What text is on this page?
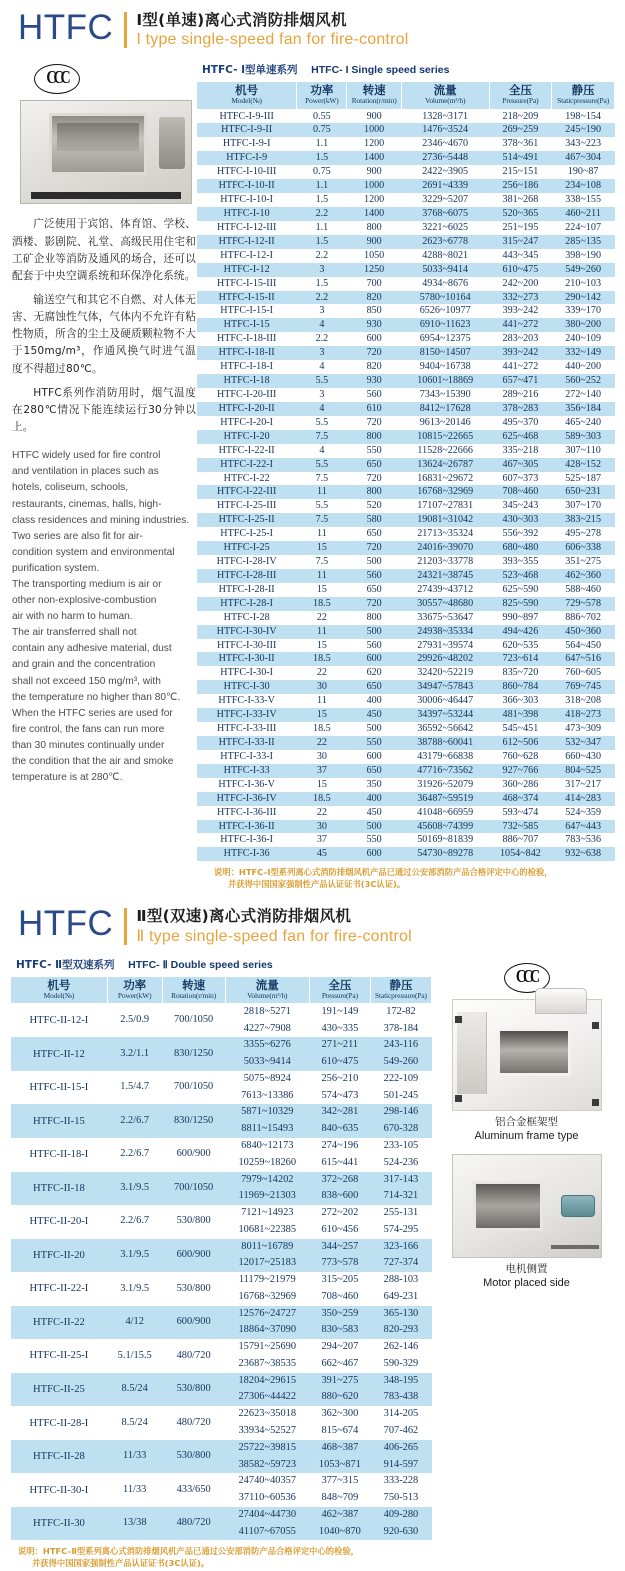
HTFC Ⅰ型(单速)离心式消防排烟风机
I type single-speed fan for fire-control
CCC
广泛使用于宾馆、体育馆、学校、酒楼、影剧院、礼堂、高级民用住宅和工矿企业等消防及通风的场合，还可以配套于中央空调系统和环保净化系统。
输送空气和其它不自燃、对人体无害、无腐蚀性气体，气体内不允许有粘性物质，所含的尘土及硬质颗粒物不大于150mg/m³，作通风换气时进气温度不得超过80℃。
HTFC系列作消防用时，烟气温度在280℃情况下能连续运行30分钟以上。

HTFC widely used for fire control

and ventilation in places such as

hotels, coliseum, schools,

restaurants, cinemas, halls, high-

class residences and mining industries.

Two series are also fit for air-

condition system and environmental

purification system.

The transporting medium is air or

other non-explosive-combustion

air with no harm to human.

The air transferred shall not

contain any adhesive material, dust

and grain and the concentration

shall not exceed 150 mg/m³, with

the temperature no higher than 80℃.

When the HTFC series are used for

fire control, the fans can run more

than 30 minutes continually under

the condition that the air and smoke

temperature is at 280℃.

HTFC- Ⅰ型单速系列 HTFC- I Single speed series
机号
Model(№)	功率
Power(kW)	转速
Rotation(r/min)	流量
Volume(m³/h)	全压
Pressure(Pa)	静压
Staticpressure(Pa)

HTFC-I-9-III	0.55	900	1328~3171	218~209	198~154
HTFC-I-9-II	0.75	1000	1476~3524	269~259	245~190
HTFC-I-9-I	1.1	1200	2346~4670	378~361	343~223
HTFC-I-9	1.5	1400	2736~5448	514~491	467~304
HTFC-I-10-III	0.75	900	2422~3905	215~151	190~87
HTFC-I-10-II	1.1	1000	2691~4339	256~186	234~108
HTFC-I-10-I	1.5	1200	3229~5207	381~268	338~155
HTFC-I-10	2.2	1400	3768~6075	520~365	460~211
HTFC-I-12-III	1.1	800	3221~6025	251~195	224~107
HTFC-I-12-II	1.5	900	2623~6778	315~247	285~135
HTFC-I-12-I	2.2	1050	4288~8021	443~345	398~190
HTFC-I-12	3	1250	5033~9414	610~475	549~260
HTFC-I-15-III	1.5	700	4934~8676	242~200	210~103
HTFC-I-15-II	2.2	820	5780~10164	332~273	290~142
HTFC-I-15-I	3	850	6526~10977	393~242	339~170
HTFC-I-15	4	930	6910~11623	441~272	380~200
HTFC-I-18-III	2.2	600	6954~12375	283~203	240~109
HTFC-I-18-II	3	720	8150~14507	393~242	332~149
HTFC-I-18-I	4	820	9404~16738	441~272	440~200
HTFC-I-18	5.5	930	10601~18869	657~471	560~252
HTFC-I-20-III	3	560	7343~15390	289~216	272~140
HTFC-I-20-II	4	610	8412~17628	378~283	356~184
HTFC-I-20-I	5.5	720	9613~20146	495~370	465~240
HTFC-I-20	7.5	800	10815~22665	625~468	589~303
HTFC-I-22-II	4	550	11528~22666	335~218	307~110
HTFC-I-22-I	5.5	650	13624~26787	467~305	428~152
HTFC-I-22	7.5	720	16831~29672	607~373	525~187
HTFC-I-22-III	11	800	16768~32969	708~460	650~231
HTFC-I-25-III	5.5	520	17107~27831	345~243	307~170
HTFC-I-25-II	7.5	580	19081~31042	430~303	383~215
HTFC-I-25-I	11	650	21713~35324	556~392	495~278
HTFC-I-25	15	720	24016~39070	680~480	606~338
HTFC-I-28-IV	7.5	500	21203~33778	393~355	351~275
HTFC-I-28-III	11	560	24321~38745	523~468	462~360
HTFC-I-28-II	15	650	27439~43712	625~590	588~460
HTFC-I-28-I	18.5	720	30557~48680	825~590	729~578
HTFC-I-28	22	800	33675~53647	990~897	886~702
HTFC-I-30-IV	11	500	24938~35334	494~426	450~360
HTFC-I-30-III	15	560	27931~39574	620~535	564~450
HTFC-I-30-II	18.5	600	29926~48202	723~614	647~516
HTFC-I-30-I	22	620	32420~52219	835~720	760~605
HTFC-I-30	30	650	34947~57843	860~784	769~745
HTFC-I-33-V	11	400	30006~46447	366~303	318~208
HTFC-I-33-IV	15	450	34397~53244	481~398	418~273
HTFC-I-33-III	18.5	500	36592~56642	545~451	473~309
HTFC-I-33-II	22	550	38788~60041	612~506	532~347
HTFC-I-33-I	30	600	43179~66838	760~628	660~430
HTFC-I-33	37	650	47716~73562	927~766	804~525
HTFC-I-36-V	15	350	31926~52079	360~286	317~217
HTFC-I-36-IV	18.5	400	36487~59519	468~374	414~283
HTFC-I-36-III	22	450	41048~66959	593~474	524~359
HTFC-I-36-II	30	500	45608~74399	732~585	647~443
HTFC-I-36-I	37	550	50169~81839	886~707	783~536
HTFC-I-36	45	600	54730~89278	1054~842	932~638
说明：HTFC–Ⅰ型系列离心式消防排烟风机产品已通过公安部消防产品合格评定中心的检验，
并获得中国国家强制性产品认证证书(3C认证)。
HTFC Ⅱ型(双速)离心式消防排烟风机
Ⅱ type single-speed fan for fire-control
HTFC- Ⅱ型双速系列 HTFC- Ⅱ Double speed series
机号
Model(№)	功率
Power(kW)	转速
Rotation(r/min)	流量
Volume(m³/h)	全压
Pressure(Pa)	静压
Staticpressure(Pa)

HTFC-II-12-I	2.5/0.9	700/1050	2818~5271	191~149	172-82
			4227~7908	430~335	378-184
HTFC-II-12	3.2/1.1	830/1250	3355~6276	271~211	243-116
			5033~9414	610~475	549-260
HTFC-II-15-I	1.5/4.7	700/1050	5075~8924	256~210	222-109
			7613~13386	574~473	501-245
HTFC-II-15	2.2/6.7	830/1250	5871~10329	342~281	298-146
			8811~15493	840~635	670-328
HTFC-II-18-I	2.2/6.7	600/900	6840~12173	274~196	233-105
			10259~18260	615~441	524-236
HTFC-II-18	3.1/9.5	700/1050	7979~14202	372~268	317-143
			11969~21303	838~600	714-321
HTFC-II-20-I	2.2/6.7	530/800	7121~14923	272~202	255-131
			10681~22385	610~456	574-295
HTFC-II-20	3.1/9.5	600/900	8011~16789	344~257	323-166
			12017~25183	773~578	727-374
HTFC-II-22-I	3.1/9.5	530/800	11179~21979	315~205	288-103
			16768~32969	708~460	649-231
HTFC-II-22	4/12	600/900	12576~24727	350~259	365-130
			18864~37090	830~583	820-293
HTFC-II-25-I	5.1/15.5	480/720	15791~25690	294~207	262-146
			23687~38535	662~467	590-329
HTFC-II-25	8.5/24	530/800	18204~29615	391~275	348-195
			27306~44422	880~620	783-438
HTFC-II-28-I	8.5/24	480/720	22623~35018	362~300	314-205
			33934~52527	815~674	707-462
HTFC-II-28	11/33	530/800	25722~39815	468~387	406-265
			38582~59723	1053~871	914-597
HTFC-II-30-I	11/33	433/650	24740~40357	377~315	333-228
			37110~60536	848~709	750-513
HTFC-II-30	13/38	480/720	27404~44730	462~387	409-280
			41107~67055	1040~870	920-630
CCC
铝合金框架型
Aluminum frame type
电机侧置
Motor placed side
说明：HTFC–Ⅱ型系列离心式消防排烟风机产品已通过公安部消防产品合格评定中心的检验，
并获得中国国家强制性产品认证证书(3C认证)。
